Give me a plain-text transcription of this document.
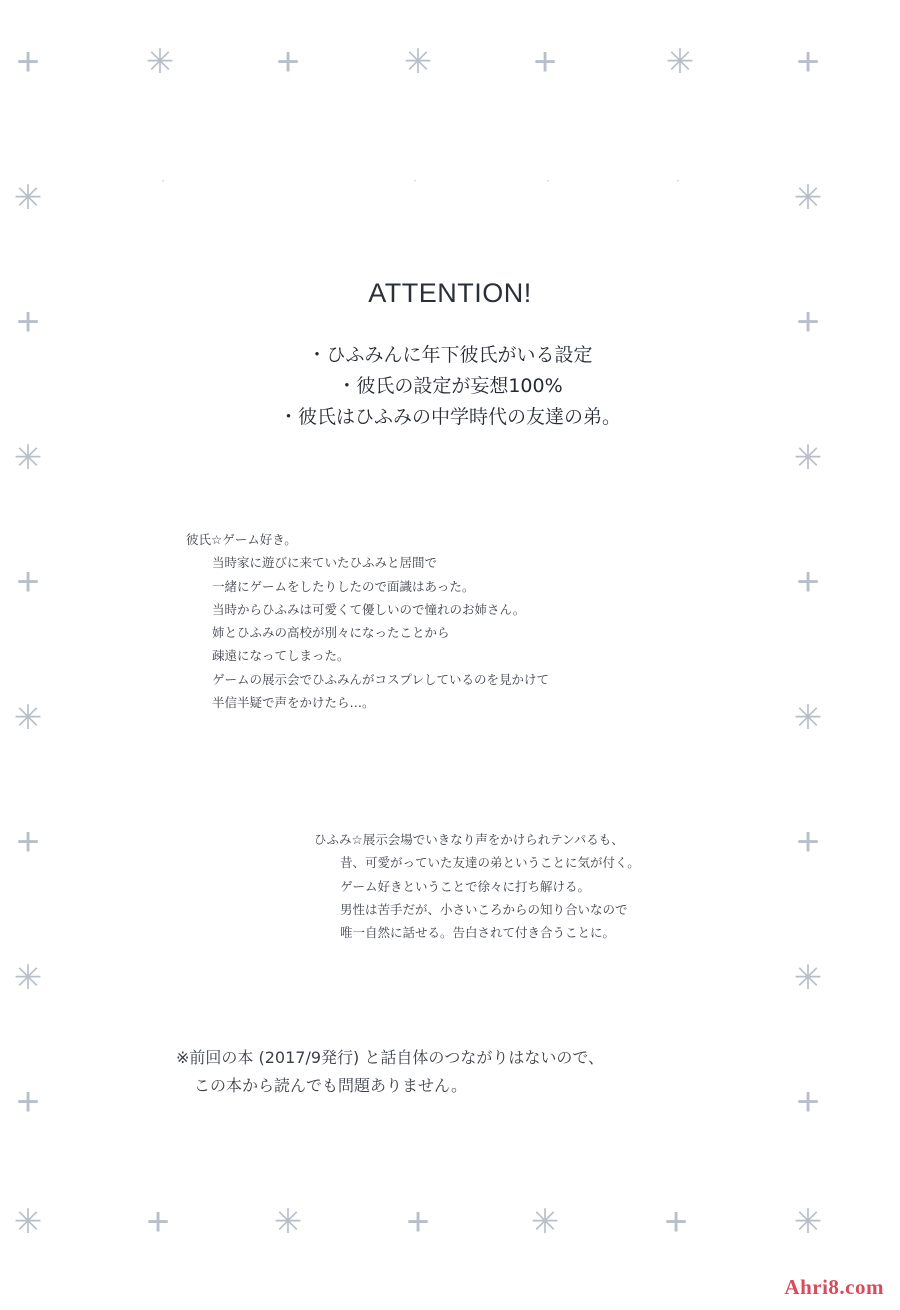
+	+	+	+
+	+
+	+
+	+
+	+
+	+	+
✳	✳	✳
✳	✳
✳	✳
✳	✳
✳	✳
✳	✳	✳	✳
·	·	·	·
ATTENTION!
・ひふみんに年下彼氏がいる設定
・彼氏の設定が妄想100%
・彼氏はひふみの中学時代の友達の弟。
彼氏☆ゲーム好き。
当時家に遊びに来ていたひふみと居間で
一緒にゲームをしたりしたので面識はあった。
当時からひふみは可愛くて優しいので憧れのお姉さん。
姉とひふみの高校が別々になったことから
疎遠になってしまった。
ゲームの展示会でひふみんがコスプレしているのを見かけて
半信半疑で声をかけたら…。
ひふみ☆展示会場でいきなり声をかけられテンパるも、
昔、可愛がっていた友達の弟ということに気が付く。
ゲーム好きということで徐々に打ち解ける。
男性は苦手だが、小さいころからの知り合いなので
唯一自然に話せる。告白されて付き合うことに。
※前回の本 (2017/9発行) と話自体のつながりはないので、
この本から読んでも問題ありません。
Ahri8.com
